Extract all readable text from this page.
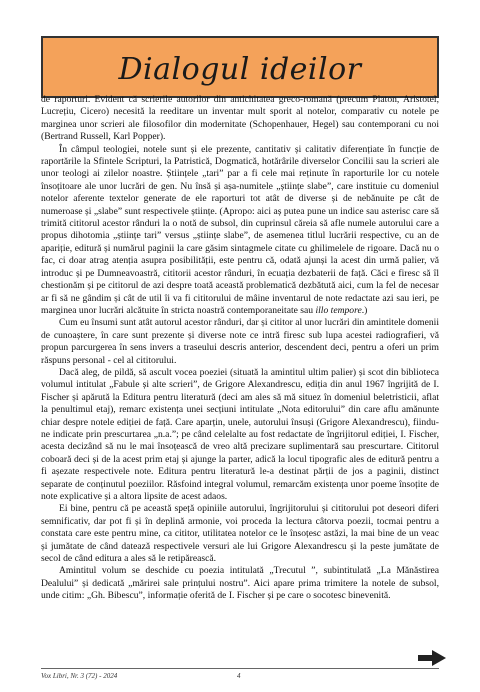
Dialogul ideilor

de raporturi. Evident că scrierile autorilor din antichitatea greco-romană (precum Platon, Aristotel, Lucrețiu, Cicero) necesită la reeditare un inventar mult sporit al notelor, comparativ cu notele pe marginea unor scrieri ale filosofilor din modernitate (Schopenhauer, Hegel) sau contemporani cu noi (Bertrand Russell, Karl Popper).

În câmpul teologiei, notele sunt și ele prezente, cantitativ și calitativ diferențiate în funcție de raportările la Sfintele Scripturi, la Patristică, Dogmatică, hotărârile diverselor Concilii sau la scrieri ale unor teologi ai zilelor noastre. Științele „tari” par a fi cele mai reținute în raporturile lor cu notele însoțitoare ale unor lucrări de gen. Nu însă și așa-numitele „științe slabe”, care instituie cu domeniul notelor aferente textelor generate de ele raporturi tot atât de diverse și de nebănuite pe cât de numeroase și „slabe” sunt respectivele științe. (Apropo: aici aș putea pune un indice sau asterisc care să trimită cititorul acestor rânduri la o notă de subsol, din cuprinsul căreia să afle numele autorului care a propus dihotomia „științe tari” versus „științe slabe”, de asemenea titlul lucrării respective, cu an de apariție, editură și numărul paginii la care găsim sintagmele citate cu ghilimelele de rigoare. Dacă nu o fac, ci doar atrag atenția asupra posibilității, este pentru că, odată ajunși la acest din urmă palier, vă introduc și pe Dumneavoastră, cititorii acestor rânduri, în ecuația dezbaterii de față. Căci e firesc să îl chestionăm și pe cititorul de azi despre toată această problematică dezbătută aici, cum la fel de necesar ar fi să ne gândim și cât de util îi va fi cititorului de mâine inventarul de note redactate azi sau ieri, pe marginea unor lucrări alcătuite în stricta noastră contemporaneitate sau illo tempore.)

Cum eu însumi sunt atât autorul acestor rânduri, dar și cititor al unor lucrări din amintitele domenii de cunoaștere, în care sunt prezente și diverse note ce intră firesc sub lupa acestei radiografieri, vă propun parcurgerea în sens invers a traseului descris anterior, descendent deci, pentru a oferi un prim răspuns personal - cel al cititorului.

Dacă aleg, de pildă, să ascult vocea poeziei (situată la amintitul ultim palier) și scot din biblioteca volumul intitulat „Fabule și alte scrieri”, de Grigore Alexandrescu, ediția din anul 1967 îngrijită de I. Fischer și apărută la Editura pentru literatură (deci am ales să mă situez în domeniul beletristicii, aflat la penultimul etaj), remarc existența unei secțiuni intitulate „Nota editorului” din care aflu amănunte chiar despre notele ediției de față. Care aparțin, unele, autorului însuși (Grigore Alexandrescu), fiindu-ne indicate prin prescurtarea „n.a.”; pe când celelalte au fost redactate de îngrijitorul ediției, I. Fischer, acesta decizând să nu le mai însoțească de vreo altă precizare suplimentară sau prescurtare. Cititorul coboară deci și de la acest prim etaj și ajunge la parter, adică la locul tipografic ales de editură pentru a fi așezate respectivele note. Editura pentru literatură le-a destinat părții de jos a paginii, distinct separate de conținutul poeziilor. Răsfoind integral volumul, remarcăm existența unor poeme însoțite de note explicative și a altora lipsite de acest adaos.

Ei bine, pentru că pe această speță opiniile autorului, îngrijitorului și cititorului pot deseori diferi semnificativ, dar pot fi și în deplină armonie, voi proceda la lectura câtorva poezii, tocmai pentru a constata care este pentru mine, ca cititor, utilitatea notelor ce le însoțesc astăzi, la mai bine de un veac și jumătate de când datează respectivele versuri ale lui Grigore Alexandrescu și la peste jumătate de secol de când editura a ales să le retipărească.

Amintitul volum se deschide cu poezia intitulată „Trecutul ”, subintitulată „La Mănăstirea Dealului” și dedicată „mărirei sale prințului nostru”. Aici apare prima trimitere la notele de subsol, unde citim: „Gh. Bibescu”, informație oferită de I. Fischer și pe care o socotesc binevenită.

Vox Libri, Nr. 3 (72) - 2024	4
